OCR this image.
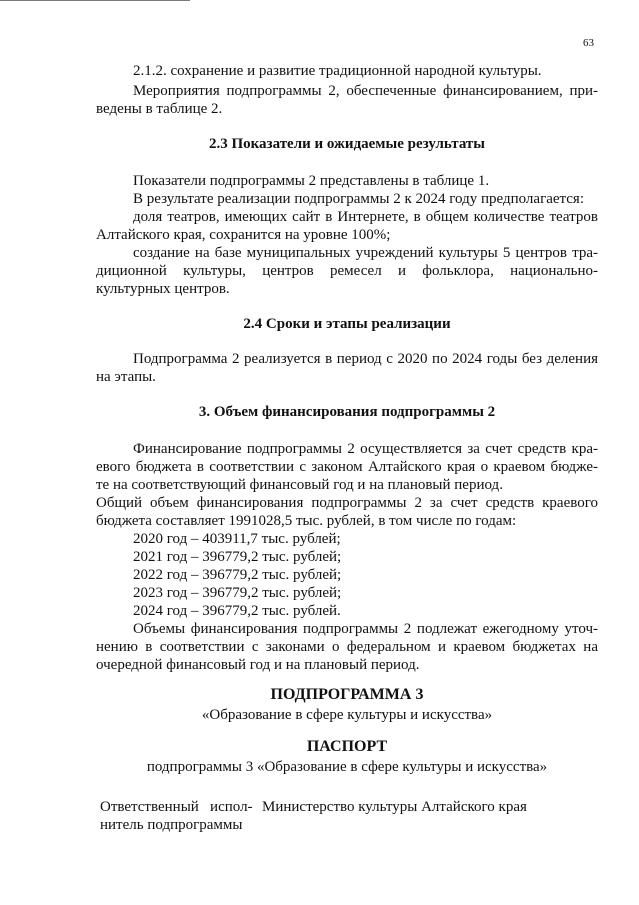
63

2.1.2. сохранение и развитие традиционной народной культуры.

Мероприятия подпрограммы 2, обеспеченные финансированием, при-

ведены в таблице 2.

2.3 Показатели и ожидаемые результаты

Показатели подпрограммы 2 представлены в таблице 1.

В результате реализации подпрограммы 2 к 2024 году предполагается:

доля театров, имеющих сайт в Интернете, в общем количестве театров

Алтайского края, сохранится на уровне 100%;

создание на базе муниципальных учреждений культуры 5 центров тра-

диционной культуры, центров ремесел и фольклора, национально-

культурных центров.

2.4 Сроки и этапы реализации

Подпрограмма 2 реализуется в период с 2020 по 2024 годы без деления

на этапы.

3. Объем финансирования подпрограммы 2

Финансирование подпрограммы 2 осуществляется за счет средств кра-

евого бюджета в соответствии с законом Алтайского края о краевом бюдже-

те на соответствующий финансовый год и на плановый период.

Общий объем финансирования подпрограммы 2 за счет средств краевого

бюджета составляет 1991028,5 тыс. рублей, в том числе по годам:

2020 год – 403911,7 тыс. рублей;

2021 год – 396779,2 тыс. рублей;

2022 год – 396779,2 тыс. рублей;

2023 год – 396779,2 тыс. рублей;

2024 год – 396779,2 тыс. рублей.

Объемы финансирования подпрограммы 2 подлежат ежегодному уточ-

нению в соответствии с законами о федеральном и краевом бюджетах на

очередной финансовый год и на плановый период.

ПОДПРОГРАММА 3

«Образование в сфере культуры и искусства»

ПАСПОРТ

подпрограммы 3 «Образование в сфере культуры и искусства»

Ответственный   испол-

нитель подпрограммы

Министерство культуры Алтайского края
